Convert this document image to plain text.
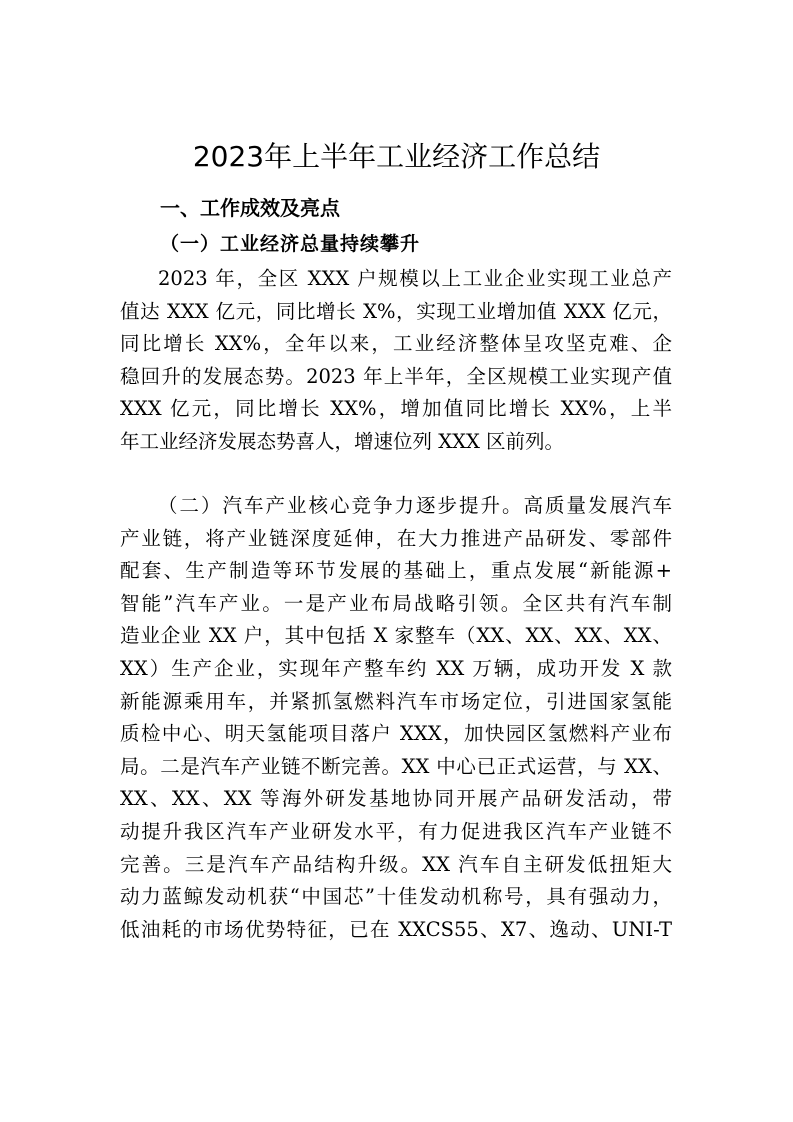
2023年上半年工业经济工作总结
一、工作成效及亮点
（一）工业经济总量持续攀升
2023 年，全区 XXX 户规模以上工业企业实现工业总产
值达 XXX 亿元，同比增长 X%，实现工业增加值 XXX 亿元，
同比增长 XX%，全年以来，工业经济整体呈攻坚克难、企
稳回升的发展态势。2023 年上半年，全区规模工业实现产值
XXX 亿元，同比增长 XX%，增加值同比增长 XX%，上半
年工业经济发展态势喜人，增速位列 XXX 区前列。
（二）汽车产业核心竞争力逐步提升。高质量发展汽车
产业链，将产业链深度延伸，在大力推进产品研发、零部件
配套、生产制造等环节发展的基础上，重点发展“新能源+
智能”汽车产业。一是产业布局战略引领。全区共有汽车制
造业企业 XX 户，其中包括 X 家整车（XX、XX、XX、XX、
XX）生产企业，实现年产整车约 XX 万辆，成功开发 X 款
新能源乘用车，并紧抓氢燃料汽车市场定位，引进国家氢能
质检中心、明天氢能项目落户 XXX，加快园区氢燃料产业布
局。二是汽车产业链不断完善。XX 中心已正式运营，与 XX、
XX、XX、XX 等海外研发基地协同开展产品研发活动，带
动提升我区汽车产业研发水平，有力促进我区汽车产业链不
完善。三是汽车产品结构升级。XX 汽车自主研发低扭矩大
动力蓝鲸发动机获“中国芯”十佳发动机称号，具有强动力，
低油耗的市场优势特征，已在 XXCS55、X7、逸动、UNI-T
